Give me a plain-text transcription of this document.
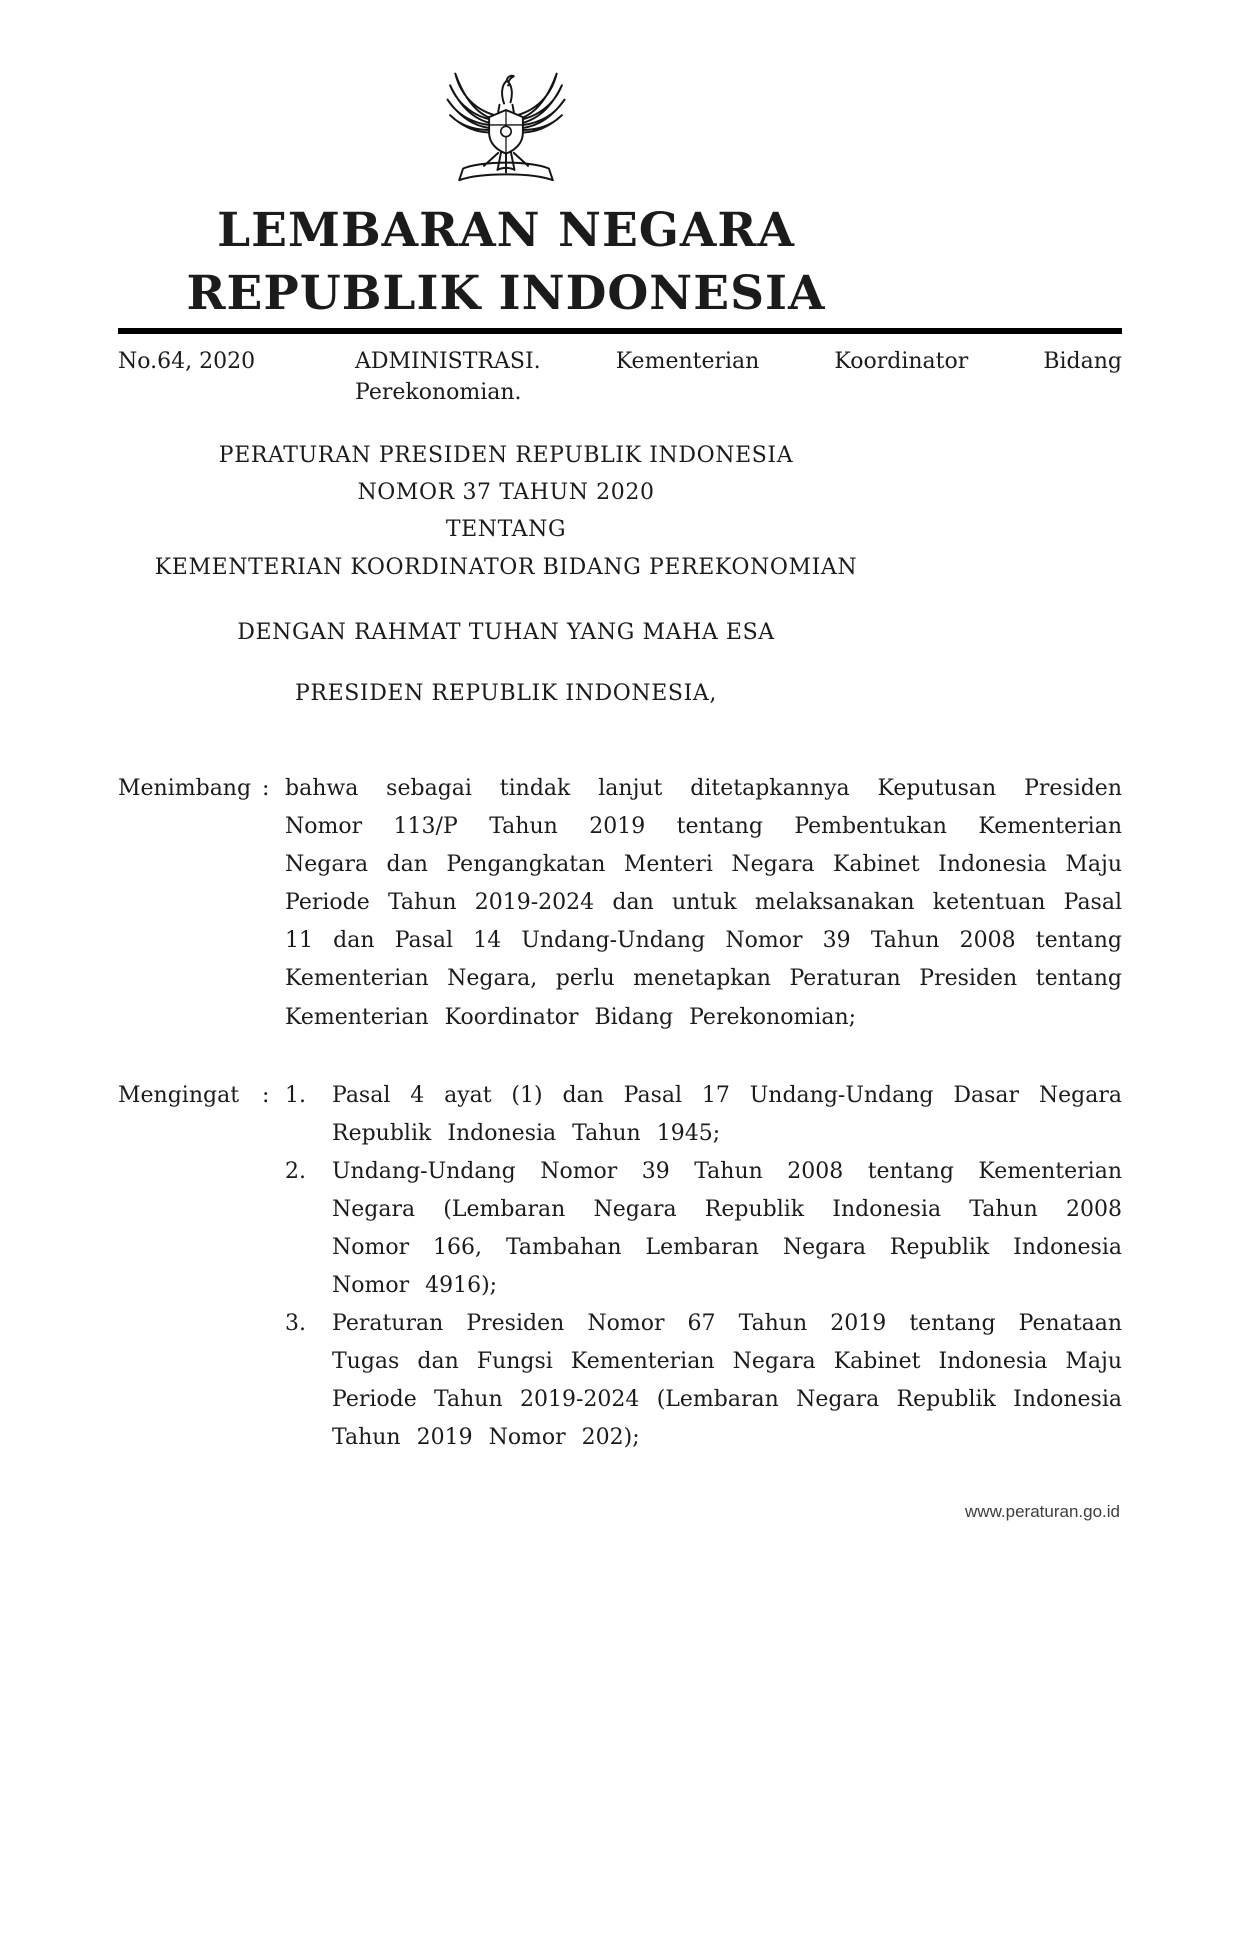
LEMBARAN NEGARA
REPUBLIK INDONESIA
No.64, 2020	ADMINISTRASI. Kementerian Koordinator Bidang Perekonomian.
PERATURAN PRESIDEN REPUBLIK INDONESIA
NOMOR 37 TAHUN 2020
TENTANG
KEMENTERIAN KOORDINATOR BIDANG PEREKONOMIAN
DENGAN RAHMAT TUHAN YANG MAHA ESA
PRESIDEN REPUBLIK INDONESIA,
Menimbang : bahwa sebagai tindak lanjut ditetapkannya Keputusan Presiden Nomor 113/P Tahun 2019 tentang Pembentukan Kementerian Negara dan Pengangkatan Menteri Negara Kabinet Indonesia Maju Periode Tahun 2019-2024 dan untuk melaksanakan ketentuan Pasal 11 dan Pasal 14 Undang-Undang Nomor 39 Tahun 2008 tentang Kementerian Negara, perlu menetapkan Peraturan Presiden tentang Kementerian Koordinator Bidang Perekonomian;
Mengingat	: 1.	Pasal 4 ayat (1) dan Pasal 17 Undang-Undang Dasar Negara Republik Indonesia Tahun 1945;
2.	Undang-Undang Nomor 39 Tahun 2008 tentang Kementerian Negara (Lembaran Negara Republik Indonesia Tahun 2008 Nomor 166, Tambahan Lembaran Negara Republik Indonesia Nomor 4916);
3.	Peraturan Presiden Nomor 67 Tahun 2019 tentang Penataan Tugas dan Fungsi Kementerian Negara Kabinet Indonesia Maju Periode Tahun 2019-2024 (Lembaran Negara Republik Indonesia Tahun 2019 Nomor 202);
www.peraturan.go.id
